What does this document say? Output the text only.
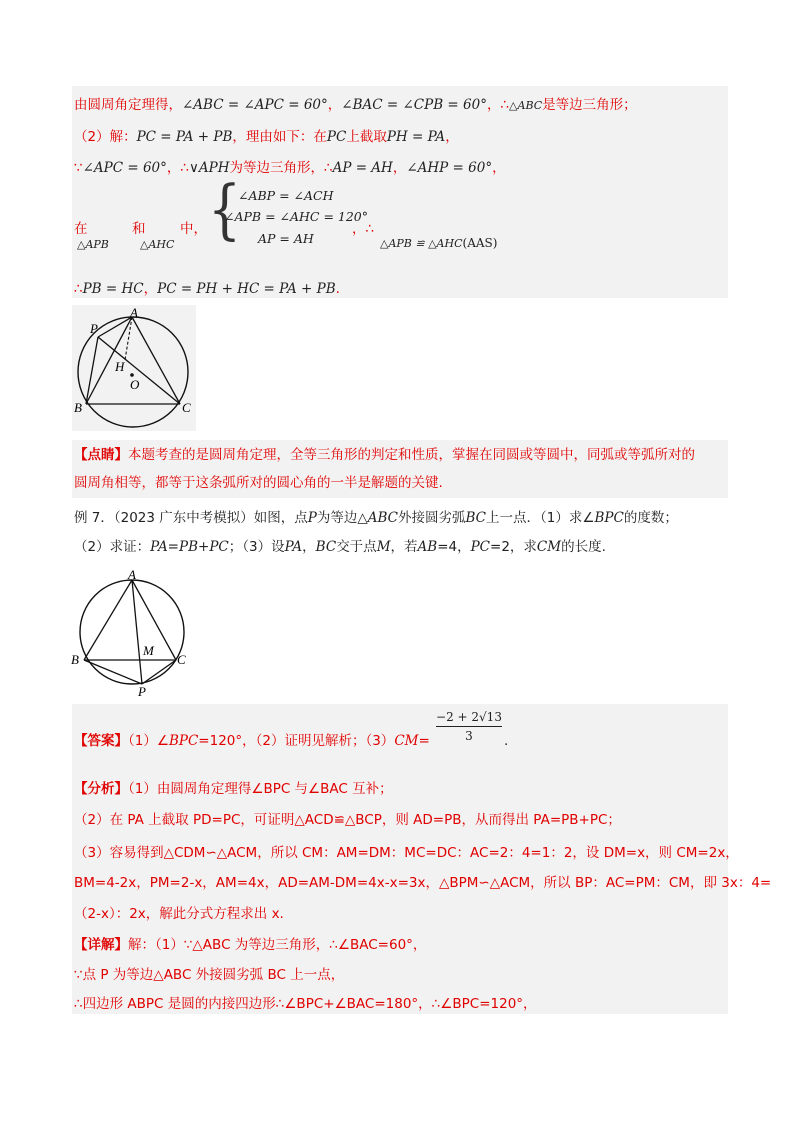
由圆周角定理得，∠ABC = ∠APC = 60°，∠BAC = ∠CPB = 60°，∴△ABC是等边三角形；
（2）解：PC = PA + PB，理由如下：在PC上截取PH = PA，
∵∠APC = 60°，∴∨APH为等边三角形，∴AP = AH，∠AHP = 60°，
在	和	中，
△APB	△AHC {
∠ABP = ∠ACH
∠APB = ∠AHC = 120°
AP = AH
，∴
△APB ≌ △AHC(AAS)
∴PB = HC，PC = PH + HC = PA + PB.
P
A
H
O
B	C
【点睛】本题考查的是圆周角定理，全等三角形的判定和性质，掌握在同圆或等圆中，同弧或等弧所对的
圆周角相等，都等于这条弧所对的圆心角的一半是解题的关键.
例 7．（2023 广东中考模拟）如图，点P为等边△ABC外接圆劣弧BC上一点．（1）求∠BPC的度数；
（2）求证：PA=PB+PC；（3）设PA，BC交于点M，若AB=4，PC=2，求CM的长度.
A
M
B	C
P
【答案】（1）∠BPC=120°，（2）证明见解析；（3）CM=
−2 + 2√13
3	.
【分析】（1）由圆周角定理得∠BPC 与∠BAC 互补；
（2）在 PA 上截取 PD=PC，可证明△ACD≌△BCP，则 AD=PB，从而得出 PA=PB+PC；
（3）容易得到△CDM∽△ACM，所以 CM：AM=DM：MC=DC：AC=2：4=1：2，设 DM=x，则 CM=2x，
BM=4-2x，PM=2-x，AM=4x，AD=AM-DM=4x-x=3x，△BPM∽△ACM，所以 BP：AC=PM：CM，即 3x：4=
（2-x）：2x，解此分式方程求出 x.
【详解】解：（1）∵△ABC 为等边三角形，∴∠BAC=60°，
∵点 P 为等边△ABC 外接圆劣弧 BC 上一点，
∴四边形 ABPC 是圆的内接四边形∴∠BPC+∠BAC=180°，∴∠BPC=120°，
